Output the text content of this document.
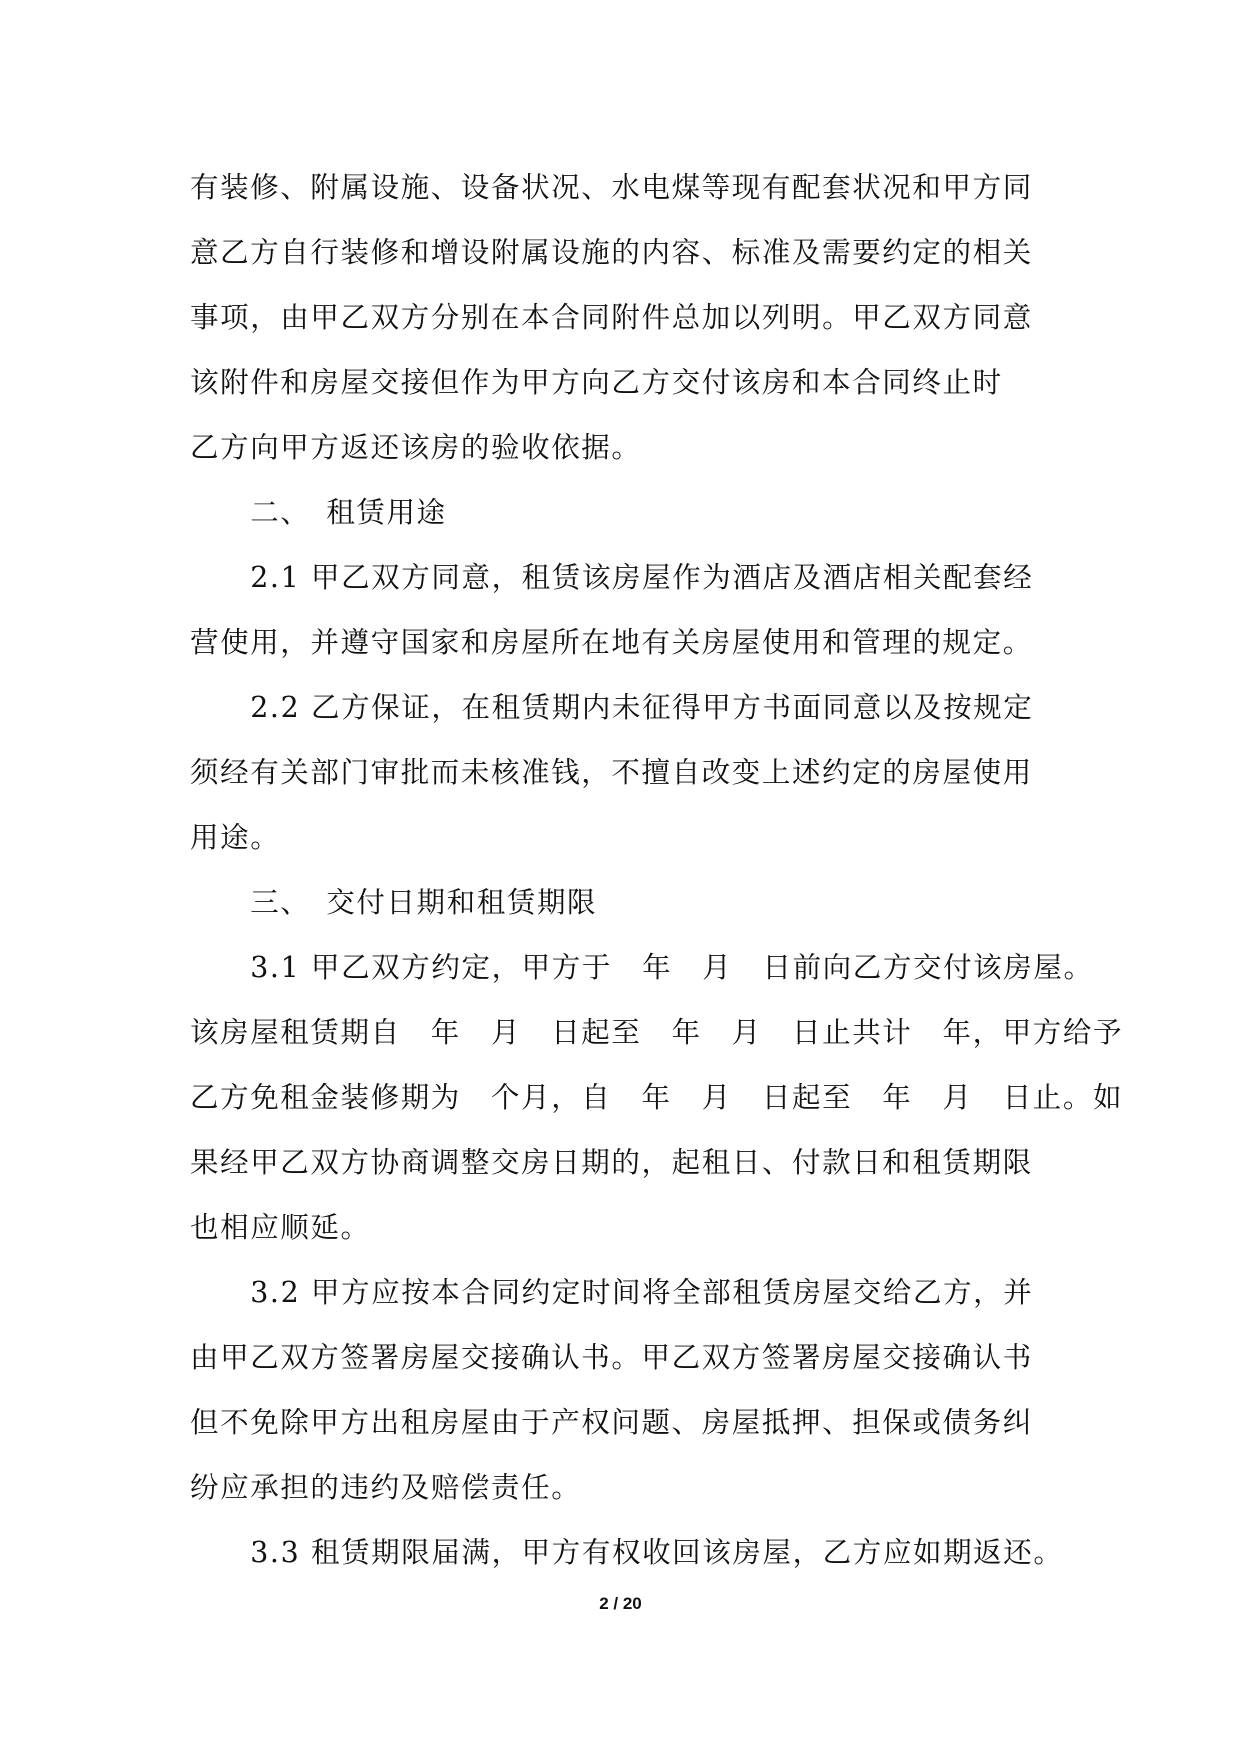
有装修、附属设施、设备状况、水电煤等现有配套状况和甲方同
意乙方自行装修和增设附属设施的内容、标准及需要约定的相关
事项，由甲乙双方分别在本合同附件总加以列明。甲乙双方同意
该附件和房屋交接但作为甲方向乙方交付该房和本合同终止时
乙方向甲方返还该房的验收依据。
　　二、　租赁用途
　　2.1 甲乙双方同意，租赁该房屋作为酒店及酒店相关配套经
营使用，并遵守国家和房屋所在地有关房屋使用和管理的规定。
　　2.2 乙方保证，在租赁期内未征得甲方书面同意以及按规定
须经有关部门审批而未核准钱，不擅自改变上述约定的房屋使用
用途。
　　三、　交付日期和租赁期限
　　3.1 甲乙双方约定，甲方于　年　月　日前向乙方交付该房屋。
该房屋租赁期自　年　月　日起至　年　月　日止共计　年，甲方给予
乙方免租金装修期为　个月，自　年　月　日起至　年　月　日止。如
果经甲乙双方协商调整交房日期的，起租日、付款日和租赁期限
也相应顺延。
　　3.2 甲方应按本合同约定时间将全部租赁房屋交给乙方，并
由甲乙双方签署房屋交接确认书。甲乙双方签署房屋交接确认书
但不免除甲方出租房屋由于产权问题、房屋抵押、担保或债务纠
纷应承担的违约及赔偿责任。
　　3.3 租赁期限届满，甲方有权收回该房屋，乙方应如期返还。
2 / 20
